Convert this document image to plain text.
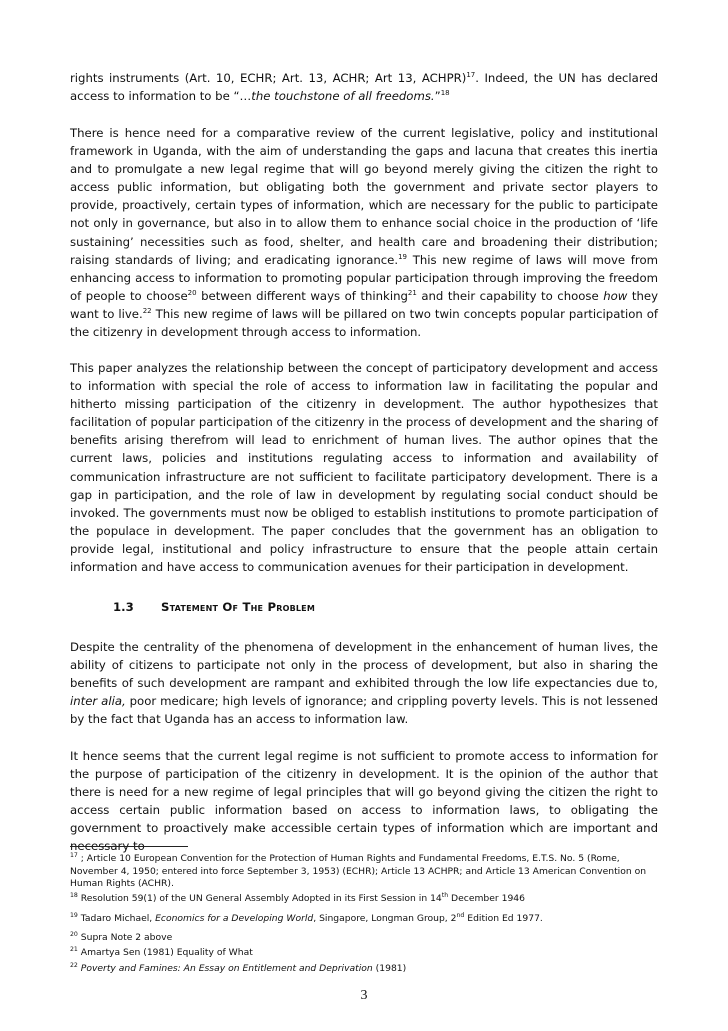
rights instruments (Art. 10, ECHR; Art. 13, ACHR; Art 13, ACHPR)$^{17}$. Indeed, the UN has declared access to information to be “…the touchstone of all freedoms.”$^{18}$

There is hence need for a comparative review of the current legislative, policy and institutional framework in Uganda, with the aim of understanding the gaps and lacuna that creates this inertia and to promulgate a new legal regime that will go beyond merely giving the citizen the right to access public information, but obligating both the government and private sector players to provide, proactively, certain types of information, which are necessary for the public to participate not only in governance, but also in to allow them to enhance social choice in the production of ‘life sustaining’ necessities such as food, shelter, and health care and broadening their distribution; raising standards of living; and eradicating ignorance.$^{19}$ This new regime of laws will move from enhancing access to information to promoting popular participation through improving the freedom of people to choose$^{20}$ between different ways of thinking$^{21}$ and their capability to choose how they want to live.$^{22}$ This new regime of laws will be pillared on two twin concepts popular participation of the citizenry in development through access to information.

This paper analyzes the relationship between the concept of participatory development and access to information with special the role of access to information law in facilitating the popular and hitherto missing participation of the citizenry in development. The author hypothesizes that facilitation of popular participation of the citizenry in the process of development and the sharing of benefits arising therefrom will lead to enrichment of human lives. The author opines that the current laws, policies and institutions regulating access to information and availability of communication infrastructure are not sufficient to facilitate participatory development. There is a gap in participation, and the role of law in development by regulating social conduct should be invoked. The governments must now be obliged to establish institutions to promote participation of the populace in development. The paper concludes that the government has an obligation to provide legal, institutional and policy infrastructure to ensure that the people attain certain information and have access to communication avenues for their participation in development.

1.3 Statement Of The Problem

Despite the centrality of the phenomena of development in the enhancement of human lives, the ability of citizens to participate not only in the process of development, but also in sharing the benefits of such development are rampant and exhibited through the low life expectancies due to, inter alia, poor medicare; high levels of ignorance; and crippling poverty levels. This is not lessened by the fact that Uganda has an access to information law.

It hence seems that the current legal regime is not sufficient to promote access to information for the purpose of participation of the citizenry in development. It is the opinion of the author that there is need for a new regime of legal principles that will go beyond giving the citizen the right to access certain public information based on access to information laws, to obligating the government to proactively make accessible certain types of information which are important and necessary to

$^{17}$ ; Article 10 European Convention for the Protection of Human Rights and Fundamental Freedoms, E.T.S. No. 5 (Rome, November 4, 1950; entered into force September 3, 1953) (ECHR); Article 13 ACHPR; and Article 13 American Convention on Human Rights (ACHR).

$^{18}$ Resolution 59(1) of the UN General Assembly Adopted in its First Session in 14th December 1946

$^{19}$ Tadaro Michael, Economics for a Developing World, Singapore, Longman Group, 2nd Edition Ed 1977.

$^{20}$ Supra Note 2 above

$^{21}$ Amartya Sen (1981) Equality of What

$^{22}$ Poverty and Famines: An Essay on Entitlement and Deprivation (1981)

3
